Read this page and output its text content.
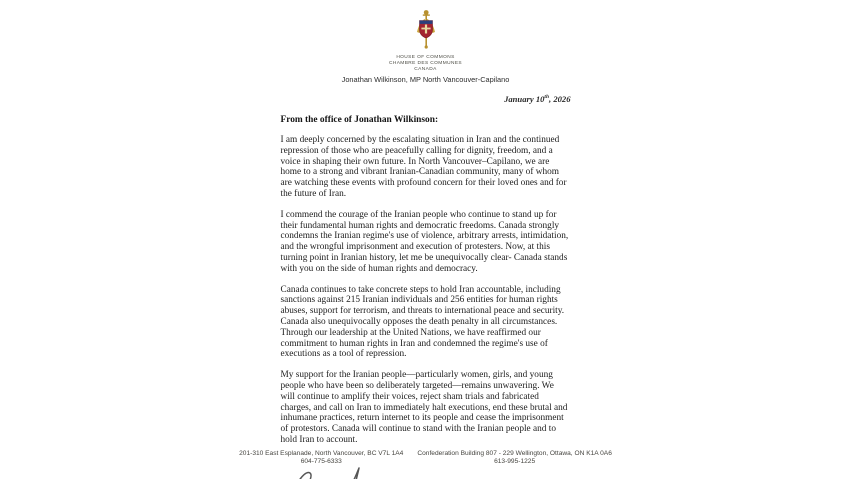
HOUSE OF COMMONS
CHAMBRE DES COMMUNES
CANADA
Jonathan Wilkinson, MP North Vancouver-Capilano
January 10th, 2026
From the office of Jonathan Wilkinson:

I am deeply concerned by the escalating situation in Iran and the continued repression of those who are peacefully calling for dignity, freedom, and a voice in shaping their own future. In North Vancouver–Capilano, we are home to a strong and vibrant Iranian-Canadian community, many of whom are watching these events with profound concern for their loved ones and for the future of Iran.

I commend the courage of the Iranian people who continue to stand up for their fundamental human rights and democratic freedoms. Canada strongly condemns the Iranian regime's use of violence, arbitrary arrests, intimidation, and the wrongful imprisonment and execution of protesters. Now, at this turning point in Iranian history, let me be unequivocally clear- Canada stands with you on the side of human rights and democracy.

Canada continues to take concrete steps to hold Iran accountable, including sanctions against 215 Iranian individuals and 256 entities for human rights abuses, support for terrorism, and threats to international peace and security. Canada also unequivocally opposes the death penalty in all circumstances. Through our leadership at the United Nations, we have reaffirmed our commitment to human rights in Iran and condemned the regime's use of executions as a tool of repression.

My support for the Iranian people—particularly women, girls, and young people who have been so deliberately targeted—remains unwavering. We will continue to amplify their voices, reject sham trials and fabricated charges, and call on Iran to immediately halt executions, end these brutal and inhumane practices, return internet to its people and cease the imprisonment of protestors. Canada will continue to stand with the Iranian people and to hold Iran to account.

201-310 East Esplanade, North Vancouver, BC V7L 1A4
604-775-6333
Confederation Building 807 - 229 Wellington, Ottawa, ON K1A 0A6
613-995-1225
